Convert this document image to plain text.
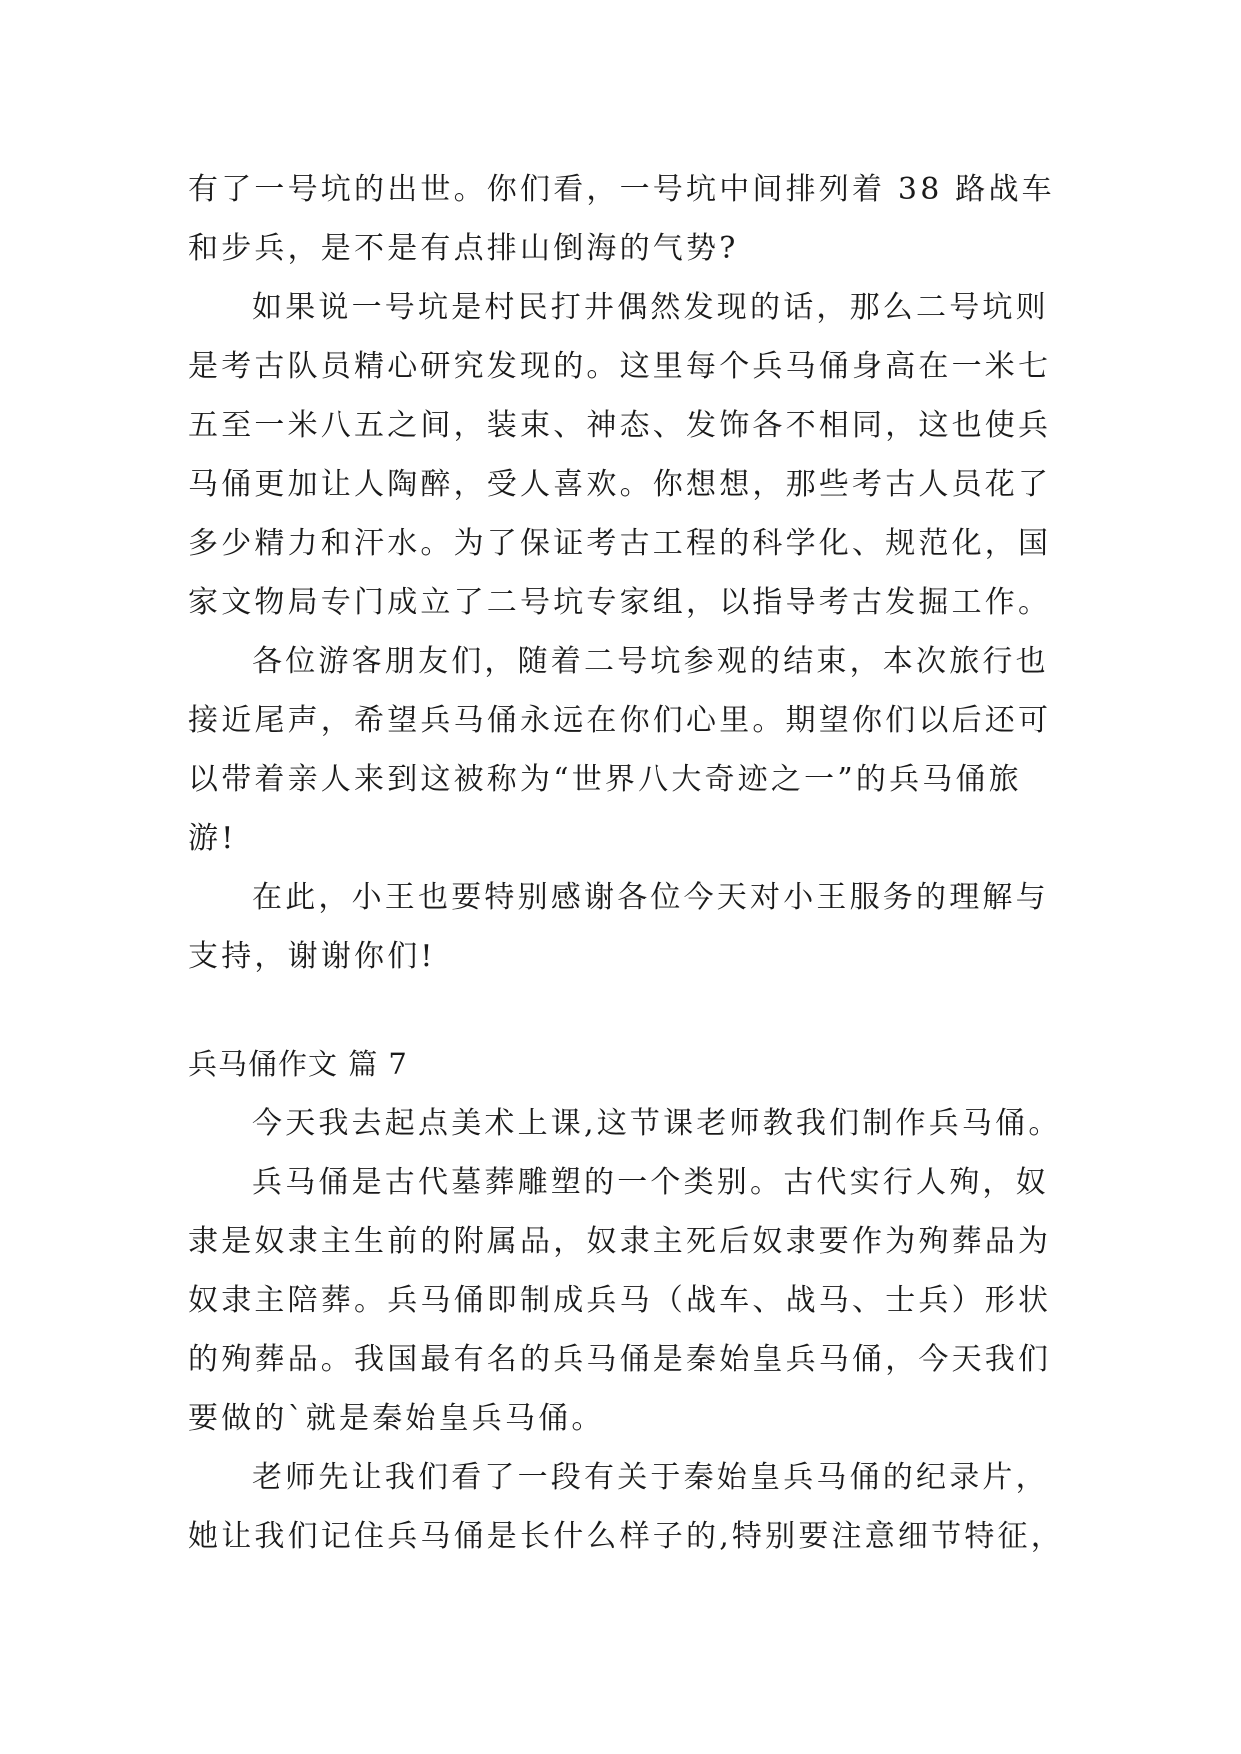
有了一号坑的出世。你们看，一号坑中间排列着 38 路战车
和步兵，是不是有点排山倒海的气势?
如果说一号坑是村民打井偶然发现的话，那么二号坑则
是考古队员精心研究发现的。这里每个兵马俑身高在一米七
五至一米八五之间，装束、神态、发饰各不相同，这也使兵
马俑更加让人陶醉，受人喜欢。你想想，那些考古人员花了
多少精力和汗水。为了保证考古工程的科学化、规范化，国
家文物局专门成立了二号坑专家组，以指导考古发掘工作。
各位游客朋友们，随着二号坑参观的结束，本次旅行也
接近尾声，希望兵马俑永远在你们心里。期望你们以后还可
以带着亲人来到这被称为“世界八大奇迹之一”的兵马俑旅
游!
在此，小王也要特别感谢各位今天对小王服务的理解与
支持，谢谢你们!
兵马俑作文 篇 7
今天我去起点美术上课,这节课老师教我们制作兵马俑。
兵马俑是古代墓葬雕塑的一个类别。古代实行人殉，奴
隶是奴隶主生前的附属品，奴隶主死后奴隶要作为殉葬品为
奴隶主陪葬。兵马俑即制成兵马（战车、战马、士兵）形状
的殉葬品。我国最有名的兵马俑是秦始皇兵马俑，今天我们
要做的`就是秦始皇兵马俑。
老师先让我们看了一段有关于秦始皇兵马俑的纪录片，
她让我们记住兵马俑是长什么样子的,特别要注意细节特征，
